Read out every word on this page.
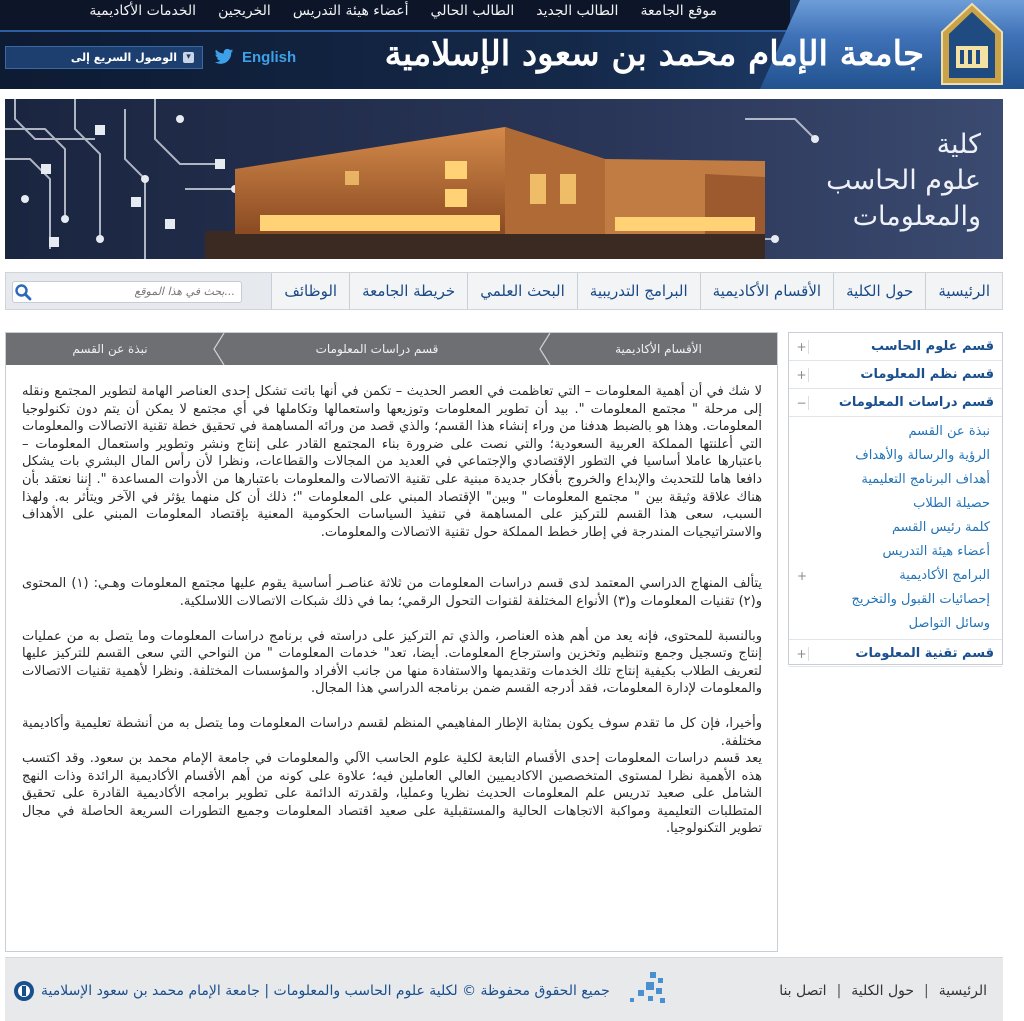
موقع الجامعة
الطالب الجديد
الطالب الحالي
أعضاء هيئة التدريس
الخريجين
الخدمات الأكاديمية
جامعة الإمام محمد بن سعود الإسلامية
الوصول السريع إلى	▾	English
كلية
علوم الحاسب
والمعلومات
الرئيسية
حول الكلية
الأقسام الأكاديمية
البرامج التدريبية
البحث العلمي
خريطة الجامعة
الوظائف
بحث في هذا الموقع...
الأقسام الأكاديمية
قسم دراسات المعلومات
نبذة عن القسم

لا شك في أن أهمية المعلومات – التي تعاظمت في العصر الحديث – تكمن في أنها باتت تشكل إحدى العناصر الهامة لتطوير المجتمع ونقله إلى مرحلة " مجتمع المعلومات ". بيد أن تطوير المعلومات وتوزيعها واستعمالها وتكاملها في أي مجتمع لا يمكن أن يتم دون تكنولوجيا المعلومات. وهذا هو بالضبط هدفنا من وراء إنشاء هذا القسم؛ والذي قصد من ورائه المساهمة في تحقيق خطة تقنية الاتصالات والمعلومات التي أعلنتها المملكة العربية السعودية؛ والتي نصت على ضرورة بناء المجتمع القادر على إنتاج ونشر وتطوير واستعمال المعلومات – باعتبارها عاملا أساسيا في التطور الإقتصادي والإجتماعي في العديد من المجالات والقطاعات، ونظرا لأن رأس المال البشري بات يشكل دافعا هاما للتحديث والإبداع والخروج بأفكار جديدة مبنية على تقنية الاتصالات والمعلومات باعتبارها من الأدوات المساعدة ". إننا نعتقد بأن هناك علاقة وثيقة بين " مجتمع المعلومات " وبين" الإقتصاد المبني على المعلومات "؛ ذلك أن كل منهما يؤثر في الآخر ويتأثر به. ولهذا السبب، سعى هذا القسم للتركيز على المساهمة في تنفيذ السياسات الحكومية المعنية بإقتصاد المعلومات المبني على الأهداف والاستراتيجيات المندرجة في إطار خطط المملكة حول تقنية الاتصالات والمعلومات.

يتألف المنهاج الدراسي المعتمد لدى قسم دراسات المعلومات من ثلاثة عناصـر أساسية يقوم عليها مجتمع المعلومات وهـي: (١) المحتوى و(٢) تقنيات المعلومات و(٣) الأنواع المختلفة لقنوات التحول الرقمي؛ بما في ذلك شبكات الاتصالات اللاسلكية.

وبالنسبة للمحتوى، فإنه يعد من أهم هذه العناصر، والذي تم التركيز على دراسته في برنامج دراسات المعلومات وما يتصل به من عمليات إنتاج وتسجيل وجمع وتنظيم وتخزين واسترجاع المعلومات. أيضا، تعد" خدمات المعلومات " من النواحي التي سعى القسم للتركيز عليها لتعريف الطلاب بكيفية إنتاج تلك الخدمات وتقديمها والاستفادة منها من جانب الأفراد والمؤسسات المختلفة. ونظرا لأهمية تقنيات الاتصالات والمعلومات لإدارة المعلومات، فقد أدرجه القسم ضمن برنامجه الدراسي هذا المجال.

وأخيرا، فإن كل ما تقدم سوف يكون بمثابة الإطار المفاهيمي المنظم لقسم دراسات المعلومات وما يتصل به من أنشطة تعليمية وأكاديمية مختلفة.

يعد قسم دراسات المعلومات إحدى الأقسام التابعة لكلية علوم الحاسب الآلي والمعلومات في جامعة الإمام محمد بن سعود. وقد اكتسب هذه الأهمية نظرا لمستوى المتخصصين الاكاديميين العالي العاملين فيه؛ علاوة على كونه من أهم الأقسام الأكاديمية الرائدة وذات النهج الشامل على صعيد تدريس علم المعلومات الحديث نظريا وعمليا، ولقدرته الدائمة على تطوير برامجه الأكاديمية القادرة على تحقيق المتطلبات التعليمية ومواكبة الاتجاهات الحالية والمستقبلية على صعيد اقتصاد المعلومات وجميع التطورات السريعة الحاصلة في مجال تطوير التكنولوجيا.

+	قسم علوم الحاسب
+	قسم نظم المعلومات
− قسم دراسات المعلومات
نبذة عن القسم
الرؤية والرسالة والأهداف
أهداف البرنامج التعليمية
حصيلة الطلاب
كلمة رئيس القسم
أعضاء هيئة التدريس
+	البرامج الأكاديمية
إحصائيات القبول والتخريج
وسائل التواصل
+	قسم تقنية المعلومات
الرئيسية
|
حول الكلية
|
اتصل بنا
جميع الحقوق محفوظة © لكلية علوم الحاسب والمعلومات | جامعة الإمام محمد بن سعود الإسلامية
